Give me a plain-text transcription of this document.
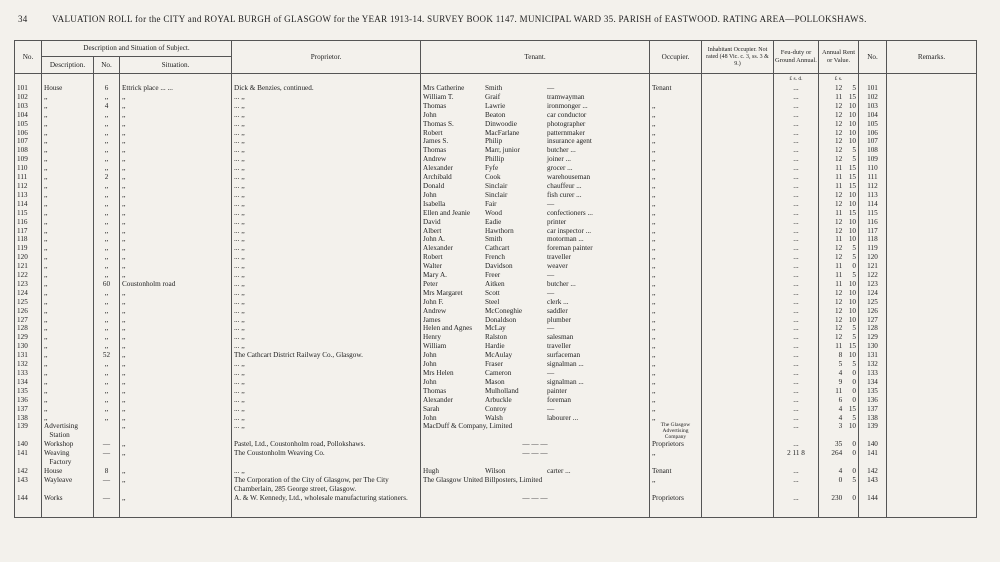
34	VALUATION ROLL for the CITY and ROYAL BURGH of GLASGOW for the YEAR 1913-14. SURVEY BOOK 1147. MUNICIPAL WARD 35. PARISH of EASTWOOD. RATING AREA—POLLOKSHAWS.
No.	Description and Situation of Subject.			Proprietor.	Tenant.	Occupier.	Inhabitant Occupier. Not rated (48 Vic. c. 3, ss. 3 & 9.)	Feu-duty or Ground Annual.	Annual Rent or Value.	No.	Remarks.
	Description.	No.	Situation.								
								£ s. d.	£ s.		
101	House	6	Ettrick place ... ...	Dick & Benzies, continued.	Mrs Catherine Smith —	Tenant		...	12 5	101	
102	,,	,,	,,	... ,,	William T. Graif tramwayman			...	11 15	102	
103	,,	4	,,	... ,,	Thomas Lawrie ironmonger ...	,,		...	12 10	103	
104	,,	,,	,,	... ,,	John Beaton car conductor	,,		...	12 10	104	
105	,,	,,	,,	... ,,	Thomas S. Dinwoodie photographer	,,		...	12 10	105	
106	,,	,,	,,	... ,,	Robert MacFarlane patternmaker	,,		...	12 10	106	
107	,,	,,	,,	... ,,	James S. Philip insurance agent	,,		...	12 10	107	
108	,,	,,	,,	... ,,	Thomas Marr, junior butcher ...	,,		...	12 5	108	
109	,,	,,	,,	... ,,	Andrew Phillip joiner ...	,,		...	12 5	109	
110	,,	,,	,,	... ,,	Alexander Fyfe grocer ...	,,		...	11 15	110	
111	,,	2	,,	... ,,	Archibald Cook warehouseman	,,		...	11 15	111	
112	,,	,,	,,	... ,,	Donald Sinclair chauffeur ...	,,		...	11 15	112	
113	,,	,,	,,	... ,,	John Sinclair fish curer ...	,,		...	12 10	113	
114	,,	,,	,,	... ,,	Isabella Fair —	,,		...	12 10	114	
115	,,	,,	,,	... ,,	Ellen and Jeanie Wood confectioners ...	,,		...	11 15	115	
116	,,	,,	,,	... ,,	David Eadie printer	,,		...	12 10	116	
117	,,	,,	,,	... ,,	Albert Hawthorn car inspector ...	,,		...	12 10	117	
118	,,	,,	,,	... ,,	John A. Smith motorman ...	,,		...	11 10	118	
119	,,	,,	,,	... ,,	Alexander Cathcart foreman painter	,,		...	12 5	119	
120	,,	,,	,,	... ,,	Robert French traveller	,,		...	12 5	120	
121	,,	,,	,,	... ,,	Walter Davidson weaver	,,		...	11 0	121	
122	,,	,,	,,	... ,,	Mary A. Freer —	,,		...	11 5	122	
123	,,	60	Coustonholm road	... ,,	Peter Aitken butcher ...	,,		...	11 10	123	
124	,,	,,	,,	... ,,	Mrs Margaret Scott —	,,		...	12 10	124	
125	,,	,,	,,	... ,,	John F. Steel clerk ...	,,		...	12 10	125	
126	,,	,,	,,	... ,,	Andrew McConeghie saddler	,,		...	12 10	126	
127	,,	,,	,,	... ,,	James Donaldson plumber	,,		...	12 10	127	
128	,,	,,	,,	... ,,	Helen and Agnes McLay —	,,		...	12 5	128	
129	,,	,,	,,	... ,,	Henry Ralston salesman	,,		...	12 5	129	
130	,,	,,	,,	... ,,	William Hardie traveller	,,		...	11 15	130	
131	,,	52	,,	The Cathcart District Railway Co., Glasgow.	John McAulay surfaceman	,,		...	8 10	131	
132	,,	,,	,,	... ,,	John Fraser signalman ...	,,		...	5 5	132	
133	,,	,,	,,	... ,,	Mrs Helen Cameron —	,,		...	4 0	133	
134	,,	,,	,,	... ,,	John Mason signalman ...	,,		...	9 0	134	
135	,,	,,	,,	... ,,	Thomas Mulholland painter	,,		...	11 0	135	
136	,,	,,	,,	... ,,	Alexander Arbuckle foreman	,,		...	6 0	136	
137	,,	,,	,,	... ,,	Sarah Conroy —	,,		...	4 15	137	
138	,,	,,	,,	... ,,	John Walsh labourer ...	,,		...	4 5	138	
139	Advertising
Station		,,	... ,,	MacDuff & Company, Limited	The Glasgow Advertising Company		...	3 10	139	
140	Workshop	—	,,	Pastel, Ltd., Coustonholm road, Pollokshaws.	— — —	Proprietors		...	35 0	140	
141	Weaving
Factory	—	,,	The Coustonholm Weaving Co.	— — —	,,		2 11 8	264 0	141	
142	House	8	,,	... ,,	Hugh Wilson carter ...	Tenant		...	4 0	142	
143	Wayleave	—	,,	The Corporation of the City of Glasgow, per The City Chamberlain, 285 George street, Glasgow.	The Glasgow United Billposters, Limited	,,		...	0 5	143	
144	Works	—	,,	A. & W. Kennedy, Ltd., wholesale manufacturing stationers.	— — —	Proprietors		...	230 0	144	
